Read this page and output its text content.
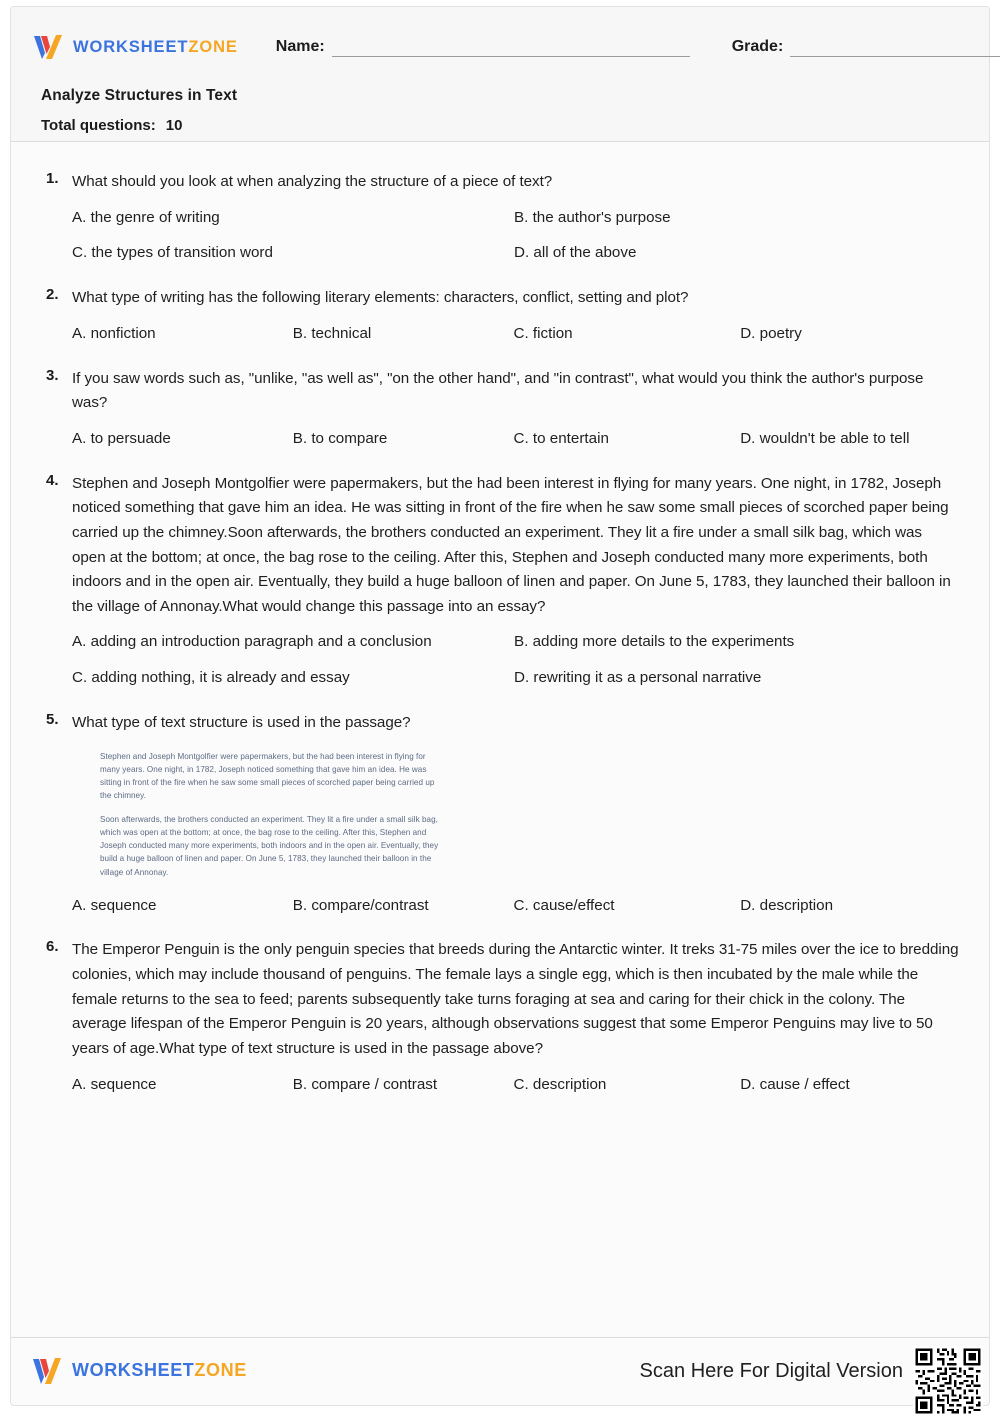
WORKSHEETZONE Name:	Grade:
Analyze Structures in Text
Total questions: 10
1. What should you look at when analyzing the structure of a piece of text?
A. the genre of writing	B. the author's purpose
C. the types of transition word	D. all of the above
2. What type of writing has the following literary elements: characters, conflict, setting and plot?
A. nonfiction	B. technical	C. fiction	D. poetry
3. If you saw words such as, "unlike, "as well as", "on the other hand", and "in contrast", what would you think the author's purpose was?
A. to persuade	B. to compare	C. to entertain	D. wouldn't be able to tell
4. Stephen and Joseph Montgolfier were papermakers, but the had been interest in flying for many years. One night, in 1782, Joseph noticed something that gave him an idea. He was sitting in front of the fire when he saw some small pieces of scorched paper being carried up the chimney.Soon afterwards, the brothers conducted an experiment. They lit a fire under a small silk bag, which was open at the bottom; at once, the bag rose to the ceiling. After this, Stephen and Joseph conducted many more experiments, both indoors and in the open air. Eventually, they build a huge balloon of linen and paper. On June 5, 1783, they launched their balloon in the village of Annonay.What would change this passage into an essay?
A. adding an introduction paragraph and a conclusion	B. adding more details to the experiments
C. adding nothing, it is already and essay	D. rewriting it as a personal narrative
5. What type of text structure is used in the passage?

Stephen and Joseph Montgolfier were papermakers, but the had been interest in flying for many years. One night, in 1782, Joseph noticed something that gave him an idea. He was sitting in front of the fire when he saw some small pieces of scorched paper being carried up the chimney.

Soon afterwards, the brothers conducted an experiment. They lit a fire under a small silk bag, which was open at the bottom; at once, the bag rose to the ceiling. After this, Stephen and Joseph conducted many more experiments, both indoors and in the open air. Eventually, they build a huge balloon of linen and paper. On June 5, 1783, they launched their balloon in the village of Annonay.

A. sequence	B. compare/contrast	C. cause/effect	D. description
6. The Emperor Penguin is the only penguin species that breeds during the Antarctic winter. It treks 31-75 miles over the ice to bredding colonies, which may include thousand of penguins. The female lays a single egg, which is then incubated by the male while the female returns to the sea to feed; parents subsequently take turns foraging at sea and caring for their chick in the colony. The average lifespan of the Emperor Penguin is 20 years, although observations suggest that some Emperor Penguins may live to 50 years of age.What type of text structure is used in the passage above?
A. sequence	B. compare / contrast	C. description	D. cause / effect
WORKSHEETZONE	Scan Here For Digital Version
